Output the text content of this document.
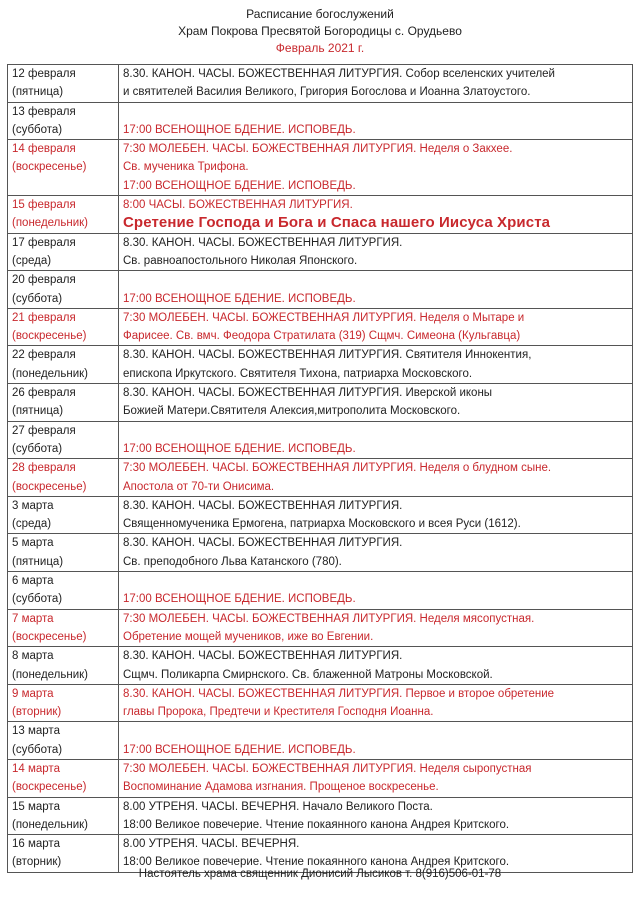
Расписание богослужений
Храм Покрова Пресвятой Богородицы с. Орудьево
Февраль 2021 г.
12 февраля
(пятница)	8.30. КАНОН. ЧАСЫ. БОЖЕСТВЕННАЯ ЛИТУРГИЯ. Собор вселенских учителей
и святителей Василия Великого, Григория Богослова и Иоанна Златоустого.

13 февраля
(суббота)	17:00 ВСЕНОЩНОЕ БДЕНИЕ. ИСПОВЕДЬ.

14 февраля
(воскресенье)	7:30 МОЛЕБЕН. ЧАСЫ. БОЖЕСТВЕННАЯ ЛИТУРГИЯ. Неделя о Закхее.
Св. мученика Трифона.
17:00 ВСЕНОЩНОЕ БДЕНИЕ. ИСПОВЕДЬ.

15 февраля
(понедельник)	8:00 ЧАСЫ. БОЖЕСТВЕННАЯ ЛИТУРГИЯ.
Сретение Господа и Бога и Спаса нашего Иисуса Христа

17 февраля
(среда)	8.30. КАНОН. ЧАСЫ. БОЖЕСТВЕННАЯ ЛИТУРГИЯ.
Св. равноапостольного Николая Японского.

20 февраля
(суббота)	17:00 ВСЕНОЩНОЕ БДЕНИЕ. ИСПОВЕДЬ.

21 февраля
(воскресенье)	7:30 МОЛЕБЕН. ЧАСЫ. БОЖЕСТВЕННАЯ ЛИТУРГИЯ. Неделя о Мытаре и
Фарисее. Св. вмч. Феодора Стратилата (319) Сщмч. Симеона (Кульгавца)

22 февраля
(понедельник)	8.30. КАНОН. ЧАСЫ. БОЖЕСТВЕННАЯ ЛИТУРГИЯ. Святителя Иннокентия,
епископа Иркутского. Святителя Тихона, патриарха Московского.

26 февраля
(пятница)	8.30. КАНОН. ЧАСЫ. БОЖЕСТВЕННАЯ ЛИТУРГИЯ. Иверской иконы
Божией Матери.Святителя Алексия,митрополита Московского.

27 февраля
(суббота)	17:00 ВСЕНОЩНОЕ БДЕНИЕ. ИСПОВЕДЬ.

28 февраля
(воскресенье)	7:30 МОЛЕБЕН. ЧАСЫ. БОЖЕСТВЕННАЯ ЛИТУРГИЯ. Неделя о блудном сыне.
Апостола от 70-ти Онисима.

3 марта
(среда)	8.30. КАНОН. ЧАСЫ. БОЖЕСТВЕННАЯ ЛИТУРГИЯ.
Священномученика Ермогена, патриарха Московского и всея Руси (1612).

5 марта
(пятница)	8.30. КАНОН. ЧАСЫ. БОЖЕСТВЕННАЯ ЛИТУРГИЯ.
Св. преподобного Льва Катанского (780).

6 марта
(суббота)	17:00 ВСЕНОЩНОЕ БДЕНИЕ. ИСПОВЕДЬ.

7 марта
(воскресенье)	7:30 МОЛЕБЕН. ЧАСЫ. БОЖЕСТВЕННАЯ ЛИТУРГИЯ. Неделя мясопустная.
Обретение мощей мучеников, иже во Евгении.

8 марта
(понедельник)	8.30. КАНОН. ЧАСЫ. БОЖЕСТВЕННАЯ ЛИТУРГИЯ.
Сщмч. Поликарпа Смирнского. Св. блаженной Матроны Московской.

9 марта
(вторник)	8.30. КАНОН. ЧАСЫ. БОЖЕСТВЕННАЯ ЛИТУРГИЯ. Первое и второе обретение
главы Пророка, Предтечи и Крестителя Господня Иоанна.

13 марта
(суббота)	17:00 ВСЕНОЩНОЕ БДЕНИЕ. ИСПОВЕДЬ.

14 марта
(воскресенье)	7:30 МОЛЕБЕН. ЧАСЫ. БОЖЕСТВЕННАЯ ЛИТУРГИЯ. Неделя сыропустная
Воспоминание Адамова изгнания. Прощеное воскресенье.

15 марта
(понедельник)	8.00 УТРЕНЯ. ЧАСЫ. ВЕЧЕРНЯ. Начало Великого Поста.
18:00 Великое повечерие. Чтение покаянного канона Андрея Критского.

16 марта
(вторник)	8.00 УТРЕНЯ. ЧАСЫ. ВЕЧЕРНЯ.
18:00 Великое повечерие. Чтение покаянного канона Андрея Критского.
Настоятель храма священник Дионисий Лысиков т. 8(916)506-01-78
